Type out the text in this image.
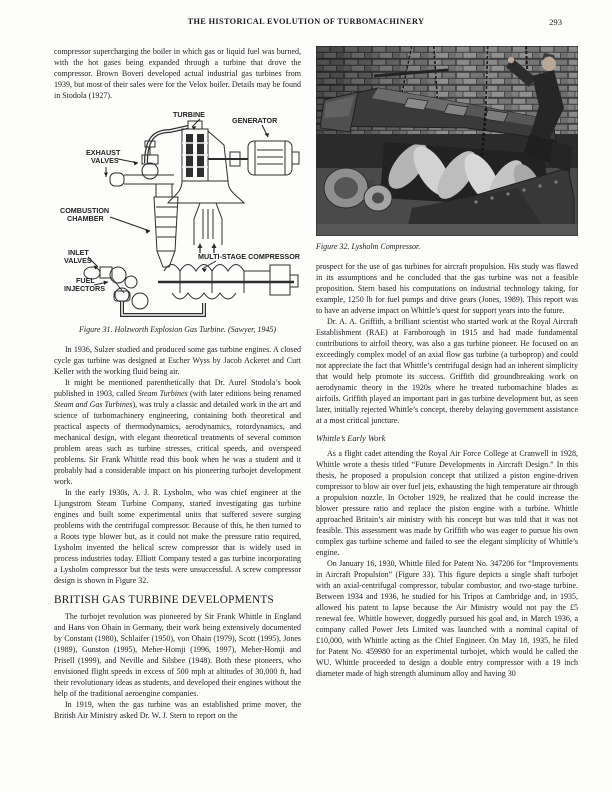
THE HISTORICAL EVOLUTION OF TURBOMACHINERY	293

compressor supercharging the boiler in which gas or liquid fuel was burned, with the hot gases being expanded through a turbine that drove the compressor. Brown Boveri developed actual industrial gas turbines from 1939, but most of their sales were for the Velox boiler. Details may be found in Stodola (1927).

TURBINE
GENERATOR
EXHAUST
VALVES
COMBUSTION
CHAMBER
MULTI-STAGE COMPRESSOR
INLET
VALVES
FUEL
INJECTORS
Figure 31. Holzworth Explosion Gas Turbine. (Sawyer, 1945)

In 1936, Sulzer studied and produced some gas turbine engines. A closed cycle gas turbine was designed at Escher Wyss by Jacob Ackeret and Curt Keller with the working fluid being air.

It might be mentioned parenthetically that Dr. Aurel Stodola’s book published in 1903, called Steam Turbines (with later editions being renamed Steam and Gas Turbines), was truly a classic and detailed work in the art and science of turbomachinery engineering, containing both theoretical and practical aspects of thermodynamics, aerodynamics, rotordynamics, and mechanical design, with elegant theoretical treatments of several common problem areas such as turbine stresses, critical speeds, and overspeed problems. Sir Frank Whittle read this book when he was a student and it probably had a considerable impact on his pioneering turbojet development work.

In the early 1930s, A. J. R. Lysholm, who was chief engineer at the Ljungstrom Steam Turbine Company, started investigating gas turbine engines and built some experimental units that suffered severe surging problems with the centrifugal compressor. Because of this, he then turned to a Roots type blower but, as it could not make the pressure ratio required, Lysholm invented the helical screw compressor that is widely used in process industries today. Elliott Company tested a gas turbine incorporating a Lysholm compressor but the tests were unsuccessful. A screw compressor design is shown in Figure 32.

BRITISH GAS TURBINE DEVELOPMENTS

The turbojet revolution was pioneered by Sir Frank Whittle in England and Hans von Ohain in Germany, their work being extensively documented by Constant (1980), Schlaifer (1950), von Ohain (1979), Scott (1995), Jones (1989), Gunston (1995), Meher-Homji (1996, 1997), Meher-Homji and Prisell (1999), and Neville and Silsbee (1948). Both these pioneers, who envisioned flight speeds in excess of 500 mph at altitudes of 30,000 ft, had their revolutionary ideas as students, and developed their engines without the help of the traditional aeroengine companies.

In 1919, when the gas turbine was an established prime mover, the British Air Ministry asked Dr. W. J. Stern to report on the

Figure 32. Lysholm Compressor.

prospect for the use of gas turbines for aircraft propulsion. His study was flawed in its assumptions and he concluded that the gas turbine was not a feasible proposition. Stern based his computations on industrial technology taking, for example, 1250 lb for fuel pumps and drive gears (Jones, 1989). This report was to have an adverse impact on Whittle’s quest for support years into the future.

Dr. A. A. Griffith, a brilliant scientist who started work at the Royal Aircraft Establishment (RAE) at Farnborough in 1915 and had made fundamental contributions to airfoil theory, was also a gas turbine pioneer. He focused on an exceedingly complex model of an axial flow gas turbine (a turboprop) and could not appreciate the fact that Whittle’s centrifugal design had an inherent simplicity that would help promote its success. Griffith did groundbreaking work on aerodynamic theory in the 1920s where he treated turbomachine blades as airfoils. Griffith played an important part in gas turbine development but, as seen later, initially rejected Whittle’s concept, thereby delaying government assistance at a most critical juncture.

Whittle’s Early Work

As a flight cadet attending the Royal Air Force College at Cranwell in 1928, Whittle wrote a thesis titled “Future Developments in Aircraft Design.” In this thesis, he proposed a propulsion concept that utilized a piston engine-driven compressor to blow air over fuel jets, exhausting the high temperature air through a propulsion nozzle. In October 1929, he realized that he could increase the blower pressure ratio and replace the piston engine with a turbine. Whittle approached Britain’s air ministry with his concept but was told that it was not feasible. This assessment was made by Griffith who was eager to pursue his own complex gas turbine scheme and failed to see the elegant simplicity of Whittle’s engine.

On January 16, 1930, Whittle filed for Patent No. 347206 for “Improvements in Aircraft Propulsion” (Figure 33). This figure depicts a single shaft turbojet with an axial-centrifugal compressor, tubular combustor, and two-stage turbine. Between 1934 and 1936, he studied for his Tripos at Cambridge and, in 1935, allowed his patent to lapse because the Air Ministry would not pay the £5 renewal fee. Whittle however, doggedly pursued his goal and, in March 1936, a company called Power Jets Limited was launched with a nominal capital of £10,000, with Whittle acting as the Chief Engineer. On May 18, 1935, he filed for Patent No. 459980 for an experimental turbojet, which would be called the WU. Whittle proceeded to design a double entry compressor with a 19 inch diameter made of high strength aluminum alloy and having 30
